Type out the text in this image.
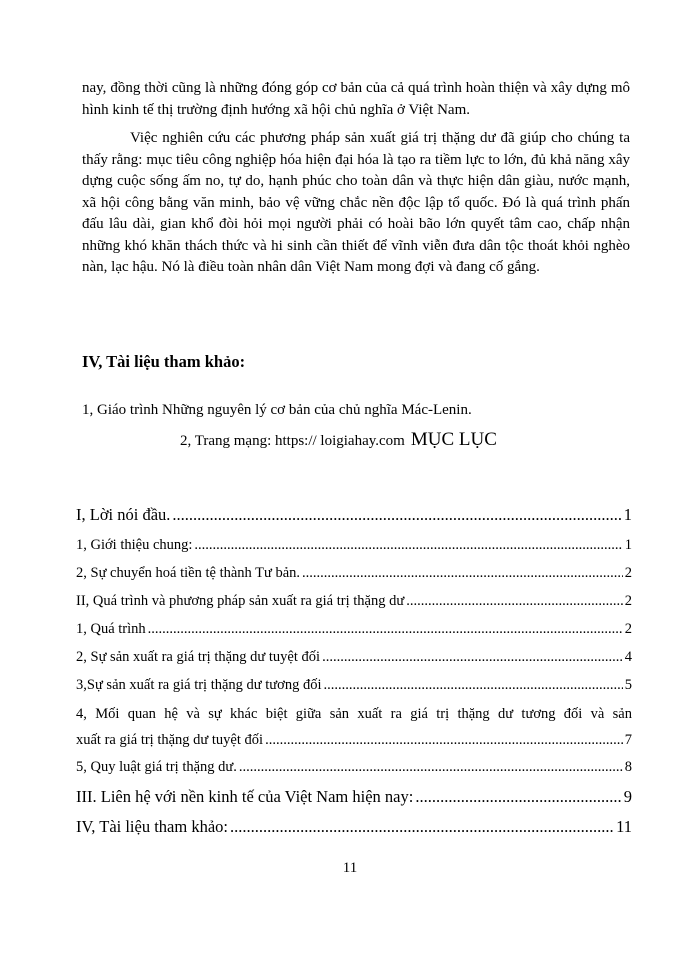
nay, đồng thời cũng là những đóng góp cơ bản của cả quá trình hoàn thiện và xây dựng mô hình kinh tế thị trường định hướng xã hội chủ nghĩa ở Việt Nam.

Việc nghiên cứu các phương pháp sản xuất giá trị thặng dư đã giúp cho chúng ta thấy rằng: mục tiêu công nghiệp hóa hiện đại hóa là tạo ra tiềm lực to lớn, đủ khả năng xây dựng cuộc sống ấm no, tự do, hạnh phúc cho toàn dân và thực hiện dân giàu, nước mạnh, xã hội công bằng văn minh, bảo vệ vững chắc nền độc lập tổ quốc. Đó là quá trình phấn đấu lâu dài, gian khổ đòi hỏi mọi người phải có hoài bão lớn quyết tâm cao, chấp nhận những khó khăn thách thức và hi sinh cần thiết để vĩnh viễn đưa dân tộc thoát khỏi nghèo nàn, lạc hậu. Nó là điều toàn nhân dân Việt Nam mong đợi và đang cố gắng.

IV, Tài liệu tham khảo:

1, Giáo trình Những nguyên lý cơ bản của chủ nghĩa Mác-Lenin.

2, Trang mạng: https:// loigiahay.com MỤC LỤC

I, Lời nói đầu. .....	1
1, Giới thiệu chung: .....	1
2, Sự chuyển hoá tiền tệ thành Tư bản. .....	2
II, Quá trình và phương pháp sản xuất ra giá trị thặng dư .....	2
1, Quá trình .....	2
2, Sự sản xuất ra giá trị thặng dư tuyệt đối .....	4
3,Sự sản xuất ra giá trị thặng dư tương đối .....	5
4, Mối quan hệ và sự khác biệt giữa sản xuất ra giá trị thặng dư tương đối và sản
xuất ra giá trị thặng dư tuyệt đối .....	7
5, Quy luật giá trị thặng dư. .....	8
III. Liên hệ với nền kinh tế của Việt Nam hiện nay: .....	9
IV, Tài liệu tham khảo: .....	11

11
